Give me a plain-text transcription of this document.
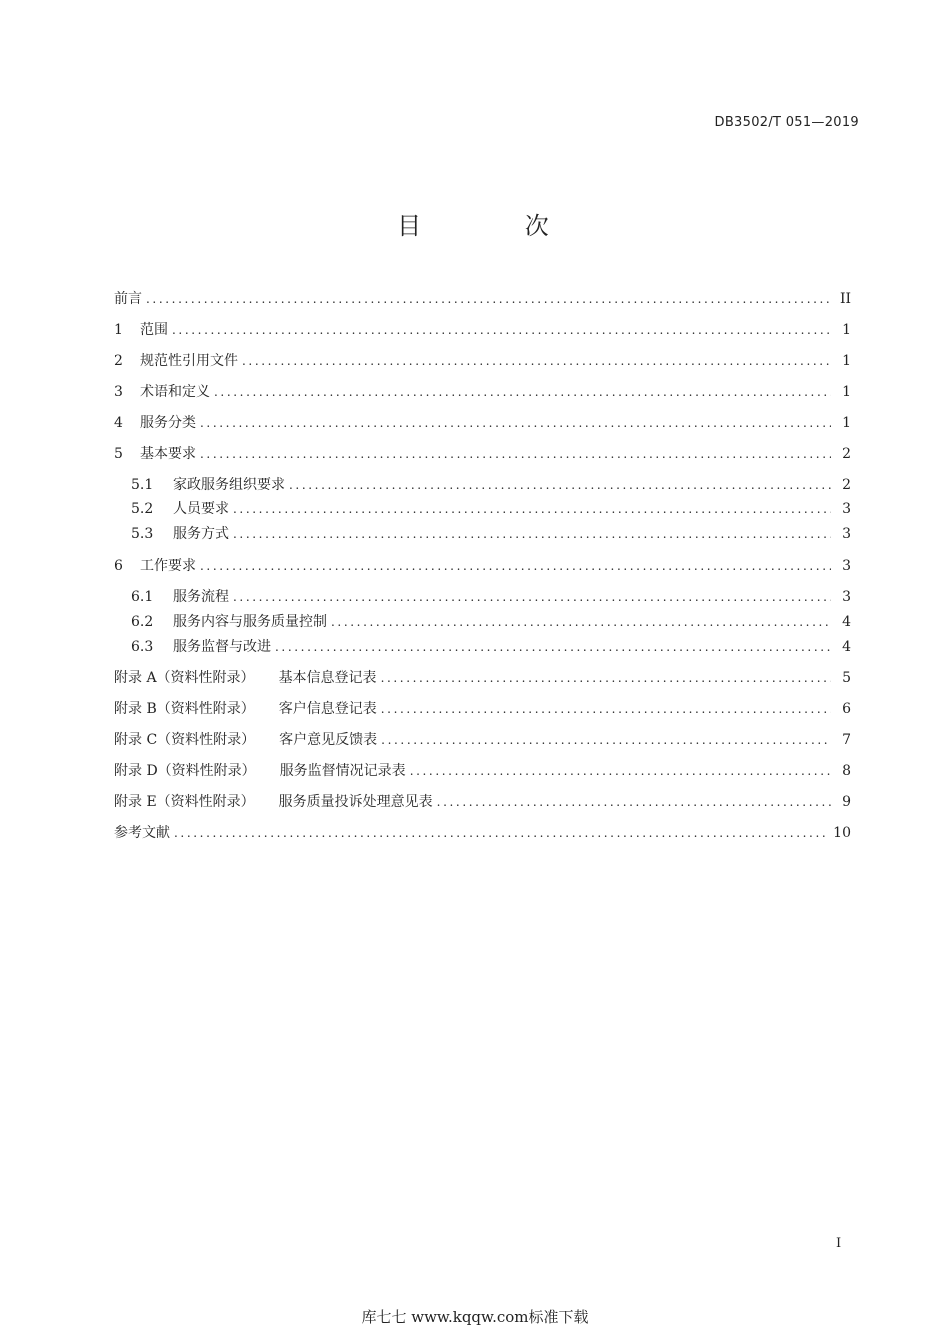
DB3502/T 051—2019
目 次
前言 .....	II
1	范围 .....	1
2	规范性引用文件 .....	1
3	术语和定义 .....	1
4	服务分类 .....	1
5	基本要求 .....	2
5.1	家政服务组织要求 .....	2
5.2	人员要求 .....	3
5.3	服务方式 .....	3
6	工作要求 .....	3
6.1	服务流程 .....	3
6.2	服务内容与服务质量控制 .....	4
6.3	服务监督与改进 .....	4
附录 A（资料性附录） 基本信息登记表 .....	5
附录 B（资料性附录） 客户信息登记表 .....	6
附录 C（资料性附录） 客户意见反馈表 .....	7
附录 D（资料性附录） 服务监督情况记录表 .....	8
附录 E（资料性附录） 服务质量投诉处理意见表 .....	9
参考文献 .....	10
I
库七七 www.kqqw.com标准下载
